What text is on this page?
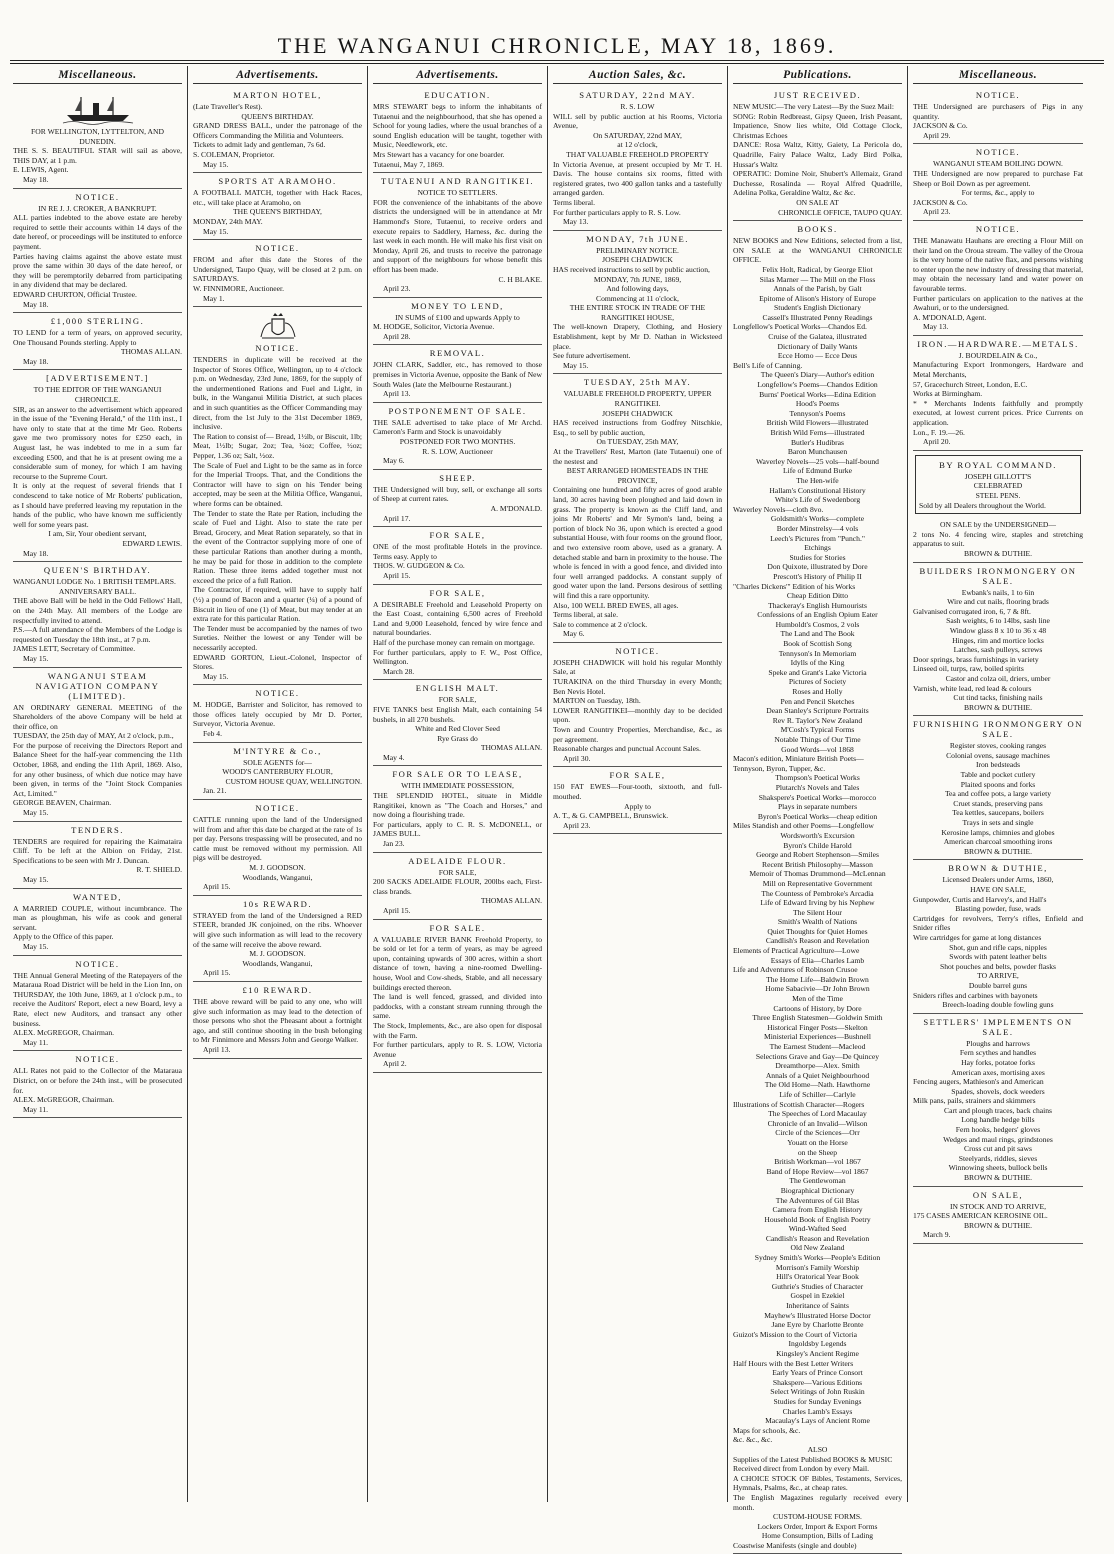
THE WANGANUI CHRONICLE, MAY 18, 1869.
Miscellaneous.

FOR WELLINGTON, LYTTELTON, AND DUNEDIN.

THE S. S. BEAUTIFUL STAR will sail as above, THIS DAY, at 1 p.m.

E. LEWIS, Agent.

May 18.

NOTICE.

IN RE J. J. CROKER, A BANKRUPT.

ALL parties indebted to the above estate are hereby required to settle their accounts within 14 days of the date hereof, or proceedings will be instituted to enforce payment.

Parties having claims against the above estate must prove the same within 30 days of the date hereof, or they will be peremptorily debarred from participating in any dividend that may be declared.

EDWARD CHURTON, Official Trustee.

May 18.

£1,000 STERLING.

TO LEND for a term of years, on approved security, One Thousand Pounds sterling. Apply to

THOMAS ALLAN.

May 18.

[ADVERTISEMENT.]

TO THE EDITOR OF THE WANGANUI CHRONICLE.

SIR, as an answer to the advertisement which appeared in the issue of the "Evening Herald," of the 11th inst., I have only to state that at the time Mr Geo. Roberts gave me two promissory notes for £250 each, in August last, he was indebted to me in a sum far exceeding £500, and that he is at present owing me a considerable sum of money, for which I am having recourse to the Supreme Court.

It is only at the request of several friends that I condescend to take notice of Mr Roberts' publication, as I should have preferred leaving my reputation in the hands of the public, who have known me sufficiently well for some years past.

I am, Sir, Your obedient servant,

EDWARD LEWIS.

May 18.

QUEEN'S BIRTHDAY.

WANGANUI LODGE No. 1 BRITISH TEMPLARS.

ANNIVERSARY BALL.

THE above Ball will be held in the Odd Fellows' Hall, on the 24th May. All members of the Lodge are respectfully invited to attend.

P.S.—A full attendance of the Members of the Lodge is requested on Tuesday the 18th inst., at 7 p.m.

JAMES LETT, Secretary of Committee.

May 15.

WANGANUI STEAM NAVIGATION COMPANY (LIMITED).

AN ORDINARY GENERAL MEETING of the Shareholders of the above Company will be held at their office, on

TUESDAY, the 25th day of MAY, At 2 o'clock, p.m.,

For the purpose of receiving the Directors Report and Balance Sheet for the half-year commencing the 11th October, 1868, and ending the 11th April, 1869. Also, for any other business, of which due notice may have been given, in terms of the "Joint Stock Companies Act, Limited."

GEORGE BEAVEN, Chairman.

May 15.

TENDERS.

TENDERS are required for repairing the Kaimataira Cliff. To be left at the Albion on Friday, 21st. Specifications to be seen with Mr J. Duncan.

R. T. SHIELD.

May 15.

WANTED,

A MARRIED COUPLE, without incumbrance. The man as ploughman, his wife as cook and general servant.

Apply to the Office of this paper.

May 15.

NOTICE.

THE Annual General Meeting of the Ratepayers of the Mataraua Road District will be held in the Lion Inn, on THURSDAY, the 10th June, 1869, at 1 o'clock p.m., to receive the Auditors' Report, elect a new Board, levy a Rate, elect new Auditors, and transact any other business.

ALEX. McGREGOR, Chairman.

May 11.

NOTICE.

ALL Rates not paid to the Collector of the Mataraua District, on or before the 24th inst., will be prosecuted for.

ALEX. McGREGOR, Chairman.

May 11.

Advertisements.
MARTON HOTEL,

(Late Traveller's Rest).

QUEEN'S BIRTHDAY.

GRAND DRESS BALL, under the patronage of the Officers Commanding the Militia and Volunteers.

Tickets to admit lady and gentleman, 7s 6d.

S. COLEMAN, Proprietor.

May 15.

SPORTS AT ARAMOHO.

A FOOTBALL MATCH, together with Hack Races, etc., will take place at Aramoho, on

THE QUEEN'S BIRTHDAY,

MONDAY, 24th MAY.

May 15.

NOTICE.

FROM and after this date the Stores of the Undersigned, Taupo Quay, will be closed at 2 p.m. on SATURDAYS.

W. FINNIMORE, Auctioneer.

May 1.

NOTICE.

TENDERS in duplicate will be received at the Inspector of Stores Office, Wellington, up to 4 o'clock p.m. on Wednesday, 23rd June, 1869, for the supply of the undermentioned Rations and Fuel and Light, in bulk, in the Wanganui Militia District, at such places and in such quantities as the Officer Commanding may direct, from the 1st July to the 31st December 1869, inclusive.

The Ration to consist of— Bread, 1½lb, or Biscuit, 1lb; Meat, 1½lb; Sugar, 2oz; Tea, ¼oz; Coffee, ½oz; Pepper, 1.36 oz; Salt, ½oz.

The Scale of Fuel and Light to be the same as in force for the Imperial Troops. That, and the Conditions the Contractor will have to sign on his Tender being accepted, may be seen at the Militia Office, Wanganui, where forms can be obtained.

The Tender to state the Rate per Ration, including the scale of Fuel and Light. Also to state the rate per Bread, Grocery, and Meat Ration separately, so that in the event of the Contractor supplying more of one of these particular Rations than another during a month, he may be paid for those in addition to the complete Ration. These three items added together must not exceed the price of a full Ration.

The Contractor, if required, will have to supply half (½) a pound of Bacon and a quarter (¼) of a pound of Biscuit in lieu of one (1) of Meat, but may tender at an extra rate for this particular Ration.

The Tender must be accompanied by the names of two Sureties. Neither the lowest or any Tender will be necessarily accepted.

EDWARD GORTON, Lieut.-Colonel, Inspector of Stores.

May 15.

NOTICE.

M. HODGE, Barrister and Solicitor, has removed to those offices lately occupied by Mr D. Porter, Surveyor, Victoria Avenue.

Feb 4.

M'INTYRE & Co.,

SOLE AGENTS for—

WOOD'S CANTERBURY FLOUR,

CUSTOM HOUSE QUAY, WELLINGTON.

Jan. 21.

NOTICE.

CATTLE running upon the land of the Undersigned will from and after this date be charged at the rate of 1s per day. Persons trespassing will be prosecuted, and no cattle must be removed without my permission. All pigs will be destroyed.

M. J. GOODSON.

Woodlands, Wanganui,

April 15.

10s REWARD.

STRAYED from the land of the Undersigned a RED STEER, branded JK conjoined, on the ribs. Whoever will give such information as will lead to the recovery of the same will receive the above reward.

M. J. GOODSON.

Woodlands, Wanganui,

April 15.

£10 REWARD.

THE above reward will be paid to any one, who will give such information as may lead to the detection of those persons who shot the Pheasant about a fortnight ago, and still continue shooting in the bush belonging to Mr Finnimore and Messrs John and George Walker.

April 13.

Advertisements.
EDUCATION.

MRS STEWART begs to inform the inhabitants of Tutaenui and the neighbourhood, that she has opened a School for young ladies, where the usual branches of a sound English education will be taught, together with Music, Needlework, etc.

Mrs Stewart has a vacancy for one boarder.

Tutaenui, May 7, 1869.

TUTAENUI AND RANGITIKEI.

NOTICE TO SETTLERS.

FOR the convenience of the inhabitants of the above districts the undersigned will be in attendance at Mr Hammond's Store, Tutaenui, to receive orders and execute repairs to Saddlery, Harness, &c. during the last week in each month. He will make his first visit on Monday, April 26, and trusts to receive the patronage and support of the neighbours for whose benefit this effort has been made.

C. H BLAKE.

April 23.

MONEY TO LEND,

IN SUMS of £100 and upwards Apply to

M. HODGE, Solicitor, Victoria Avenue.

April 28.

REMOVAL.

JOHN CLARK, Saddler, etc., has removed to those premises in Victoria Avenue, opposite the Bank of New South Wales (late the Melbourne Restaurant.)

April 13.

POSTPONEMENT OF SALE.

THE SALE advertised to take place of Mr Archd. Cameron's Farm and Stock is unavoidably

POSTPONED FOR TWO MONTHS.

R. S. LOW, Auctioneer

May 6.

SHEEP.

THE Undersigned will buy, sell, or exchange all sorts of Sheep at current rates.

A. M'DONALD.

April 17.

FOR SALE,

ONE of the most profitable Hotels in the province. Terms easy. Apply to

THOS. W. GUDGEON & Co.

April 15.

FOR SALE,

A DESIRABLE Freehold and Leasehold Property on the East Coast, containing 6,500 acres of Freehold Land and 9,000 Leasehold, fenced by wire fence and natural boundaries.

Half of the purchase money can remain on mortgage.

For further particulars, apply to F. W., Post Office, Wellington.

March 28.

ENGLISH MALT.

FOR SALE,

FIVE TANKS best English Malt, each containing 54 bushels, in all 270 bushels.

White and Red Clover Seed

Rye Grass do

THOMAS ALLAN.

May 4.

FOR SALE OR TO LEASE,

WITH IMMEDIATE POSSESSION,

THE SPLENDID HOTEL, situate in Middle Rangitikei, known as "The Coach and Horses," and now doing a flourishing trade.

For particulars, apply to C. R. S. McDONELL, or JAMES BULL.

Jan 23.

ADELAIDE FLOUR.

FOR SALE,

200 SACKS ADELAIDE FLOUR, 200lbs each, First-class brands.

THOMAS ALLAN.

April 15.

FOR SALE.

A VALUABLE RIVER BANK Freehold Property, to be sold or let for a term of years, as may be agreed upon, containing upwards of 300 acres, within a short distance of town, having a nine-roomed Dwelling-house, Wool and Cow-sheds, Stable, and all necessary buildings erected thereon.

The land is well fenced, grassed, and divided into paddocks, with a constant stream running through the same.

The Stock, Implements, &c., are also open for disposal with the Farm.

For further particulars, apply to R. S. LOW, Victoria Avenue

April 2.

Auction Sales, &c.
SATURDAY, 22nd MAY.

R. S. LOW

WILL sell by public auction at his Rooms, Victoria Avenue,

On SATURDAY, 22nd MAY,

at 12 o'clock,

THAT VALUABLE FREEHOLD PROPERTY

In Victoria Avenue, at present occupied by Mr T. H. Davis. The house contains six rooms, fitted with registered grates, two 400 gallon tanks and a tastefully arranged garden.

Terms liberal.

For further particulars apply to R. S. Low.

May 13.

MONDAY, 7th JUNE.

PRELIMINARY NOTICE.

JOSEPH CHADWICK

HAS received instructions to sell by public auction,

MONDAY, 7th JUNE, 1869,

And following days,

Commencing at 11 o'clock,

THE ENTIRE STOCK IN TRADE OF THE RANGITIKEI HOUSE,

The well-known Drapery, Clothing, and Hosiery Establishment, kept by Mr D. Nathan in Wicksteed place.

See future advertisement.

May 15.

TUESDAY, 25th MAY.

VALUABLE FREEHOLD PROPERTY, UPPER RANGITIKEI.

JOSEPH CHADWICK

HAS received instructions from Godfrey Nitschkie, Esq., to sell by public auction,

On TUESDAY, 25th MAY,

At the Travellers' Rest, Marton (late Tutaenui) one of the nestest and

BEST ARRANGED HOMESTEADS IN THE PROVINCE,

Containing one hundred and fifty acres of good arable land, 30 acres having been ploughed and laid down in grass. The property is known as the Cliff land, and joins Mr Roberts' and Mr Symon's land, being a portion of block No 36, upon which is erected a good substantial House, with four rooms on the ground floor, and two extensive room above, used as a granary. A detached stable and barn in proximity to the house. The whole is fenced in with a good fence, and divided into four well arranged paddocks. A constant supply of good water upon the land. Persons desirous of settling will find this a rare opportunity.

Also, 100 WELL BRED EWES, all ages.

Terms liberal, at sale.

Sale to commence at 2 o'clock.

May 6.

NOTICE.

JOSEPH CHADWICK will hold his regular Monthly Sale, at

TURAKINA on the third Thursday in every Month; Ben Nevis Hotel.

MARTON on Tuesday, 18th.

LOWER RANGITIKEI—monthly day to be decided upon.

Town and Country Properties, Merchandise, &c., as per agreement.

Reasonable charges and punctual Account Sales.

April 30.

FOR SALE,

150 FAT EWES—Four-tooth, sixtooth, and full-mouthed.

Apply to

A. T., & G. CAMPBELL, Brunswick.

April 23.

Publications.
JUST RECEIVED.

NEW MUSIC—The very Latest—By the Suez Mail:

SONG: Robin Redbreast, Gipsy Queen, Irish Peasant, Impatience, Snow lies white, Old Cottage Clock, Christmas Echoes

DANCE: Rosa Waltz, Kitty, Gaiety, La Pericola do, Quadrille, Fairy Palace Waltz, Lady Bird Polka, Hussar's Waltz

OPERATIC: Domine Noir, Shubert's Allemaiz, Grand Duchesse, Rosalinda — Royal Alfred Quadrille, Adelina Polka, Geraldine Waltz, &c &c.

ON SALE AT

CHRONICLE OFFICE, TAUPO QUAY.

BOOKS.

NEW BOOKS and New Editions, selected from a list, ON SALE at the WANGANUI CHRONICLE OFFICE.

Felix Holt, Radical, by George Eliot

Silas Marner — The Mill on the Floss

Annals of the Parish, by Galt

Epitome of Alison's History of Europe

Student's English Dictionary

Cassell's Illustrated Penny Readings

Longfellow's Poetical Works—Chandos Ed.

Cruise of the Galatea, illustrated

Dictionary of Daily Wants

Ecce Homo — Ecce Deus

Bell's Life of Canning.

The Queen's Diary—Author's edition

Longfellow's Poems—Chandos Edition

Burns' Poetical Works—Edina Edition

Hood's Poems

Tennyson's Poems

British Wild Flowers—illustrated

British Wild Ferns—illustrated

Butler's Hudibras

Baron Munchausen

Waverley Novels—25 vols—half-bound

Life of Edmund Burke

The Hen-wife

Hallam's Constitutional History

White's Life of Swedenborg

Waverley Novels—cloth 8vo.

Goldsmith's Works—complete

Border Minstrelsy—4 vols

Leech's Pictures from "Punch."

Etchings

Studies for Stories

Don Quixote, illustrated by Dore

Prescott's History of Philip II

"Charles Dickens'" Edition of his Works

Cheap Edition Ditto

Thackeray's English Humourists

Confessions of an English Opium Eater

Humboldt's Cosmos, 2 vols

The Land and The Book

Book of Scottish Song

Tennyson's In Memoriam

Idylls of the King

Speke and Grant's Lake Victoria

Pictures of Society

Roses and Holly

Pen and Pencil Sketches

Dean Stanley's Scripture Portraits

Rev R. Taylor's New Zealand

M'Cosh's Typical Forms

Notable Things of Our Time

Good Words—vol 1868

Macon's edition, Miniature British Poets—

Tennyson, Byron, Tupper, &c.

Thompson's Poetical Works

Plutarch's Novels and Tales

Shakspere's Poetical Works—morocco

Plays in separate numbers

Byron's Poetical Works—cheap edition

Miles Standish and other Poems—Longfellow

Wordsworth's Excursion

Byron's Childe Harold

George and Robert Stephenson—Smiles

Recent British Philosophy—Masson

Memoir of Thomas Drummond—McLennan

Mill on Representative Government

The Countess of Pembroke's Arcadia

Life of Edward Irving by his Nephew

The Silent Hour

Smith's Wealth of Nations

Quiet Thoughts for Quiet Homes

Candlish's Reason and Revelation

Elements of Practical Agriculture—Lowe

Essays of Elia—Charles Lamb

Life and Adventures of Robinson Crusoe

The Home Life—Baldwin Brown

Home Sabacivie—Dr John Brown

Men of the Time

Cartoons of History, by Dore

Three English Statesmen—Goldwin Smith

Historical Finger Posts—Skelton

Ministerial Experiences—Bushnell

The Earnest Student—Macleod

Selections Grave and Gay—De Quincey

Dreamthorpe—Alex. Smith

Annals of a Quiet Neighbourhood

The Old Home—Nath. Hawthorne

Life of Schiller—Carlyle

Illustrations of Scottish Character—Rogers

The Speeches of Lord Macaulay

Chronicle of an Invalid—Wilson

Circle of the Sciences—Orr

Youatt on the Horse

on the Sheep

British Workman—vol 1867

Band of Hope Review—vol 1867

The Gentlewoman

Biographical Dictionary

The Adventures of Gil Blas

Camera from English History

Household Book of English Poetry

Wind-Wafted Seed

Candlish's Reason and Revelation

Old New Zealand

Sydney Smith's Works—People's Edition

Morrison's Family Worship

Hill's Oratorical Year Book

Guthrie's Studies of Character

Gospel in Ezekiel

Inheritance of Saints

Mayhew's Illustrated Horse Doctor

Jane Eyre by Charlotte Bronte

Guizot's Mission to the Court of Victoria

Ingoldsby Legends

Kingsley's Ancient Regime

Half Hours with the Best Letter Writers

Early Years of Prince Consort

Shakspere—Various Editions

Select Writings of John Ruskin

Studies for Sunday Evenings

Charles Lamb's Essays

Macaulay's Lays of Ancient Rome

Maps for schools, &c.

&c. &c., &c.

ALSO

Supplies of the Latest Published BOOKS & MUSIC

Received direct from London by every Mail.

A CHOICE STOCK OF Bibles, Testaments, Services, Hymnals, Psalms, &c., at cheap rates.

The English Magazines regularly received every month.

CUSTOM-HOUSE FORMS.

Lockers Order, Import & Export Forms

Home Consumption, Bills of Lading

Coastwise Manifests (single and double)

Miscellaneous.
NOTICE.

THE Undersigned are purchasers of Pigs in any quantity.

JACKSON & Co.

April 29.

NOTICE.

WANGANUI STEAM BOILING DOWN.

THE Undersigned are now prepared to purchase Fat Sheep or Boil Down as per agreement.

For terms, &c., apply to

JACKSON & Co.

April 23.

NOTICE.

THE Manawatu Hauhans are erecting a Flour Mill on their land on the Oroua stream. The valley of the Oroua is the very home of the native flax, and persons wishing to enter upon the new industry of dressing that material, may obtain the necessary land and water power on favourable terms.

Further particulars on application to the natives at the Awahuri, or to the undersigned.

A. M'DONALD, Agent.

May 13.

IRON.—HARDWARE.—METALS.

J. BOURDELAIN & Co.,

Manufacturing Export Ironmongers, Hardware and Metal Merchants,

57, Gracechurch Street, London, E.C.

Works at Birmingham.

* * Merchants Indents faithfully and promptly executed, at lowest current prices. Price Currents on application.

Lon., F. 19.—26.

April 20.

BY ROYAL COMMAND.

JOSEPH GILLOTT'S

CELEBRATED

STEEL PENS.

Sold by all Dealers throughout the World.

ON SALE by the UNDERSIGNED—

2 tons No. 4 fencing wire, staples and stretching apparatus to suit.

BROWN & DUTHIE.

BUILDERS IRONMONGERY ON SALE.

Ewbank's nails, 1 to 6in

Wire and cut nails, flooring brads

Galvanised corrugated iron, 6, 7 & 8ft.

Sash weights, 6 to 14lbs, sash line

Window glass 8 x 10 to 36 x 48

Hinges, rim and mortice locks

Latches, sash pulleys, screws

Door springs, brass furnishings in variety

Linseed oil, turps, raw, boiled spirits

Castor and colza oil, driers, umber

Varnish, white lead, red lead & colours

Cut tind tacks, finishing nails

BROWN & DUTHIE.

FURNISHING IRONMONGERY ON SALE.

Register stoves, cooking ranges

Colonial ovens, sausage machines

Iron bedsteads

Table and pocket cutlery

Plaited spoons and forks

Tea and coffee pots, a large variety

Cruet stands, preserving pans

Tea kettles, saucepans, boilers

Trays in sets and single

Kerosine lamps, chimnies and globes

American charcoal smoothing irons

BROWN & DUTHIE.

BROWN & DUTHIE,

Licensed Dealers under Arms, 1860,

HAVE ON SALE,

Gunpowder, Curtis and Harvey's, and Hall's

Blasting powder, fuse, wads

Cartridges for revolvers, Terry's rifles, Enfield and Snider rifles

Wire cartridges for game at long distances

Shot, gun and rifle caps, nipples

Swords with patent leather belts

Shot pouches and belts, powder flasks

TO ARRIVE,

Double barrel guns

Sniders rifles and carbines with bayonets

Breech-loading double fowling guns

SETTLERS' IMPLEMENTS ON SALE.

Ploughs and harrows

Fern scythes and handles

Hay forks, potatoe forks

American axes, mortising axes

Fencing augers, Mathieson's and American

Spades, shovels, dock weeders

Milk pans, pails, strainers and skimmers

Cart and plough traces, back chains

Long handle hedge bills

Fern hooks, hedgers' gloves

Wedges and maul rings, grindstones

Cross cut and pit saws

Steelyards, riddles, sieves

Winnowing sheets, bullock bells

BROWN & DUTHIE.

ON SALE,

IN STOCK AND TO ARRIVE,

175 CASES AMERICAN KEROSINE OIL.

BROWN & DUTHIE.

March 9.
